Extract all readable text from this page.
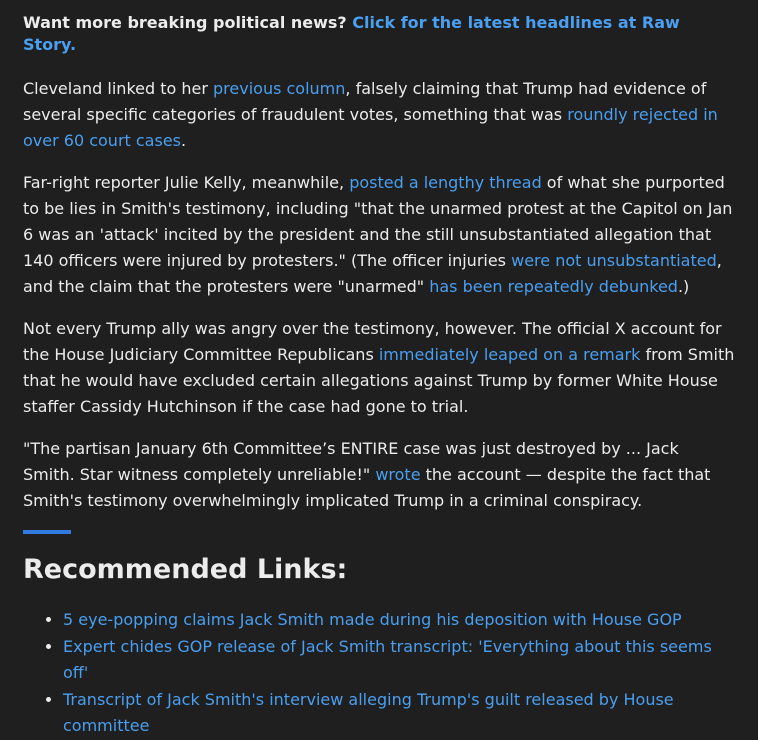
Want more breaking political news? Click for the latest headlines at Raw Story.

Cleveland linked to her previous column, falsely claiming that Trump had evidence of several specific categories of fraudulent votes, something that was roundly rejected in over 60 court cases.

Far-right reporter Julie Kelly, meanwhile, posted a lengthy thread of what she purported to be lies in Smith's testimony, including "that the unarmed protest at the Capitol on Jan 6 was an 'attack' incited by the president and the still unsubstantiated allegation that 140 officers were injured by protesters." (The officer injuries were not unsubstantiated, and the claim that the protesters were "unarmed" has been repeatedly debunked.)

Not every Trump ally was angry over the testimony, however. The official X account for the House Judiciary Committee Republicans immediately leaped on a remark from Smith that he would have excluded certain allegations against Trump by former White House staffer Cassidy Hutchinson if the case had gone to trial.

"The partisan January 6th Committee’s ENTIRE case was just destroyed by ... Jack Smith. Star witness completely unreliable!" wrote the account — despite the fact that Smith's testimony overwhelmingly implicated Trump in a criminal conspiracy.

Recommended Links:
• 5 eye-popping claims Jack Smith made during his deposition with House GOP
• Expert chides GOP release of Jack Smith transcript: 'Everything about this seems off'
• Transcript of Jack Smith's interview alleging Trump's guilt released by House committee
